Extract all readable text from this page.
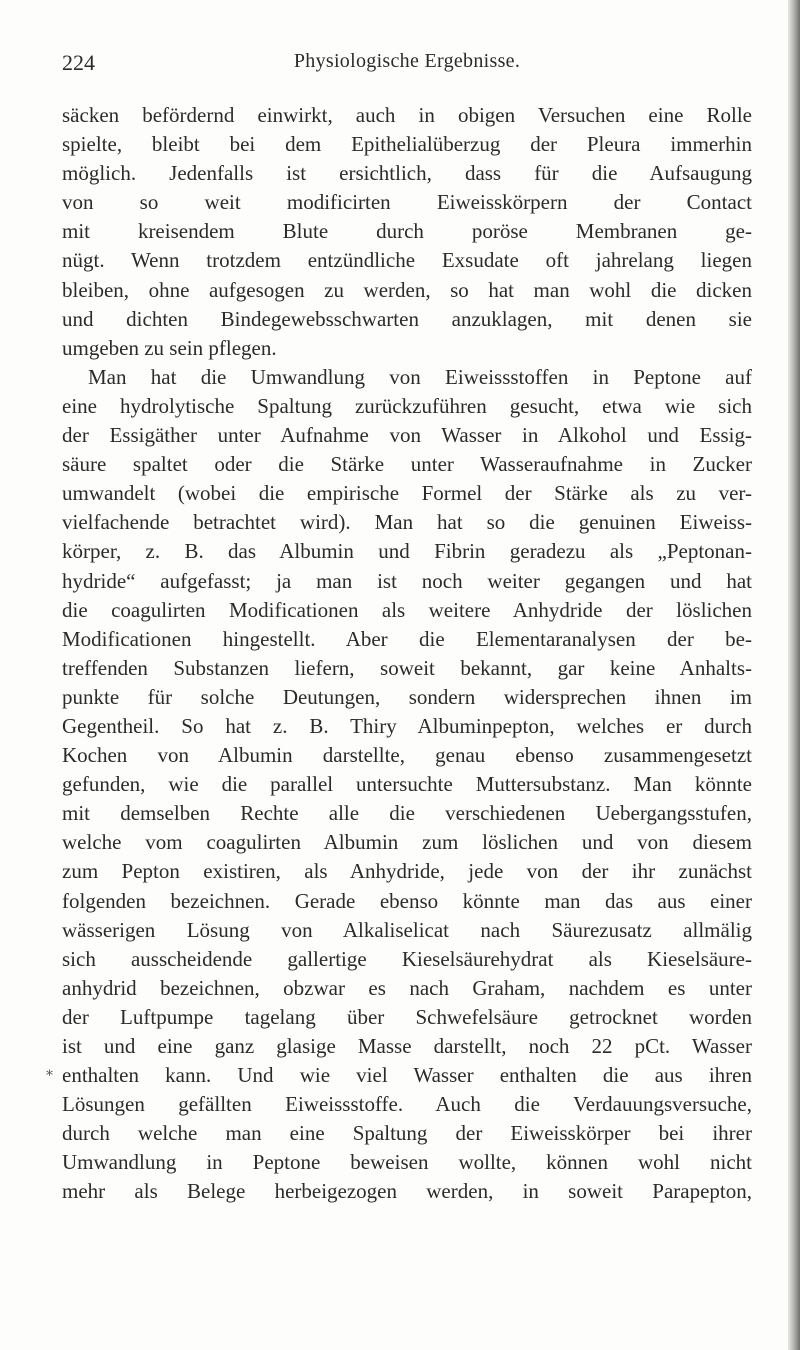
224	Physiologische Ergebnisse.
*
säcken befördernd einwirkt, auch in obigen Versuchen eine Rolle
spielte, bleibt bei dem Epithelialüberzug der Pleura immerhin
möglich. Jedenfalls ist ersichtlich, dass für die Aufsaugung
von so weit modificirten Eiweisskörpern der Contact
mit kreisendem Blute durch poröse Membranen ge-
nügt. Wenn trotzdem entzündliche Exsudate oft jahrelang liegen
bleiben, ohne aufgesogen zu werden, so hat man wohl die dicken
und dichten Bindegewebsschwarten anzuklagen, mit denen sie
umgeben zu sein pflegen.
Man hat die Umwandlung von Eiweissstoffen in Peptone auf
eine hydrolytische Spaltung zurückzuführen gesucht, etwa wie sich
der Essigäther unter Aufnahme von Wasser in Alkohol und Essig-
säure spaltet oder die Stärke unter Wasseraufnahme in Zucker
umwandelt (wobei die empirische Formel der Stärke als zu ver-
vielfachende betrachtet wird). Man hat so die genuinen Eiweiss-
körper, z. B. das Albumin und Fibrin geradezu als „Peptonan-
hydride“ aufgefasst; ja man ist noch weiter gegangen und hat
die coagulirten Modificationen als weitere Anhydride der löslichen
Modificationen hingestellt. Aber die Elementaranalysen der be-
treffenden Substanzen liefern, soweit bekannt, gar keine Anhalts-
punkte für solche Deutungen, sondern widersprechen ihnen im
Gegentheil. So hat z. B. Thiry Albuminpepton, welches er durch
Kochen von Albumin darstellte, genau ebenso zusammengesetzt
gefunden, wie die parallel untersuchte Muttersubstanz. Man könnte
mit demselben Rechte alle die verschiedenen Uebergangsstufen,
welche vom coagulirten Albumin zum löslichen und von diesem
zum Pepton existiren, als Anhydride, jede von der ihr zunächst
folgenden bezeichnen. Gerade ebenso könnte man das aus einer
wässerigen Lösung von Alkaliselicat nach Säurezusatz allmälig
sich ausscheidende gallertige Kieselsäurehydrat als Kieselsäure-
anhydrid bezeichnen, obzwar es nach Graham, nachdem es unter
der Luftpumpe tagelang über Schwefelsäure getrocknet worden
ist und eine ganz glasige Masse darstellt, noch 22 pCt. Wasser
enthalten kann. Und wie viel Wasser enthalten die aus ihren
Lösungen gefällten Eiweissstoffe. Auch die Verdauungsversuche,
durch welche man eine Spaltung der Eiweisskörper bei ihrer
Umwandlung in Peptone beweisen wollte, können wohl nicht
mehr als Belege herbeigezogen werden, in soweit Parapepton,
